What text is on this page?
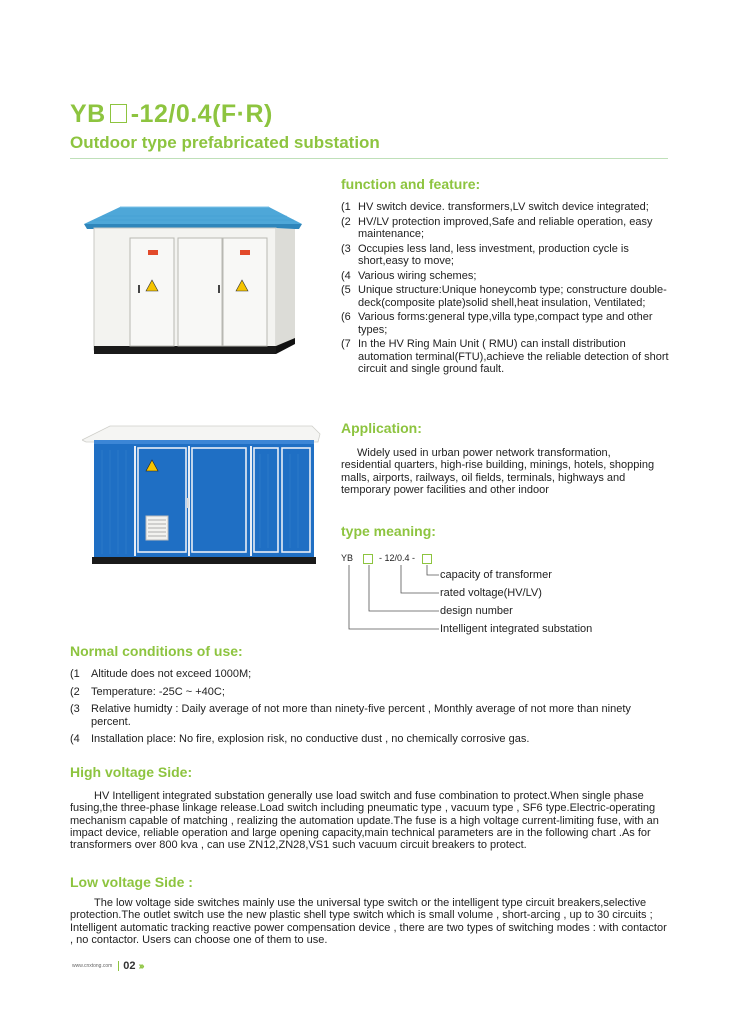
YB -12/0.4(F·R)
Outdoor type prefabricated substation
function and feature:
(1 HV switch device. transformers,LV switch device integrated;
(2 HV/LV protection improved,Safe and reliable operation, easy maintenance;
(3 Occupies less land, less investment, production cycle is short,easy to move;
(4 Various wiring schemes;
(5 Unique structure:Unique honeycomb type; constructure double-deck(composite plate)solid shell,heat insulation, Ventilated;
(6 Various forms:general type,villa type,compact type and other types;
(7 In the HV Ring Main Unit ( RMU) can install distribution automation terminal(FTU),achieve the reliable detection of short circuit and single ground fault.
Application:
Widely used in urban power network transformation, residential quarters, high-rise building, minings, hotels, shopping malls, airports, railways, oil fields, terminals, highways and temporary power facilities and other indoor
type meaning:
YB	- 12/0.4 -
capacity of transformer
rated voltage(HV/LV)
design number
Intelligent integrated substation
Normal conditions of use:
(1 Altitude does not exceed 1000M;
(2 Temperature: -25C ~ +40C;
(3 Relative humidty : Daily average of not more than ninety-five percent , Monthly average of not more than ninety percent.
(4 Installation place: No fire, explosion risk, no conductive dust , no chemically corrosive gas.
High voltage Side:
HV Intelligent integrated substation generally use load switch and fuse combination to protect.When single phase fusing,the three-phase linkage release.Load switch including pneumatic type , vacuum type , SF6 type.Electric-operating mechanism capable of matching , realizing the automation update.The fuse is a high voltage current-limiting fuse, with an impact device, reliable operation and large opening capacity,main technical parameters are in the following chart .As for transformers over 800 kva , can use ZN12,ZN28,VS1 such vacuum circuit breakers to protect.
Low voltage Side :
The low voltage side switches mainly use the universal type switch or the intelligent type circuit breakers,selective protection.The outlet switch use the new plastic shell type switch which is small volume , short-arcing , up to 30 circuits ; Intelligent automatic tracking reactive power compensation device , there are two types of switching modes : with contactor , no contactor. Users can choose one of them to use.
www.cnxtong.com 02 ›››
